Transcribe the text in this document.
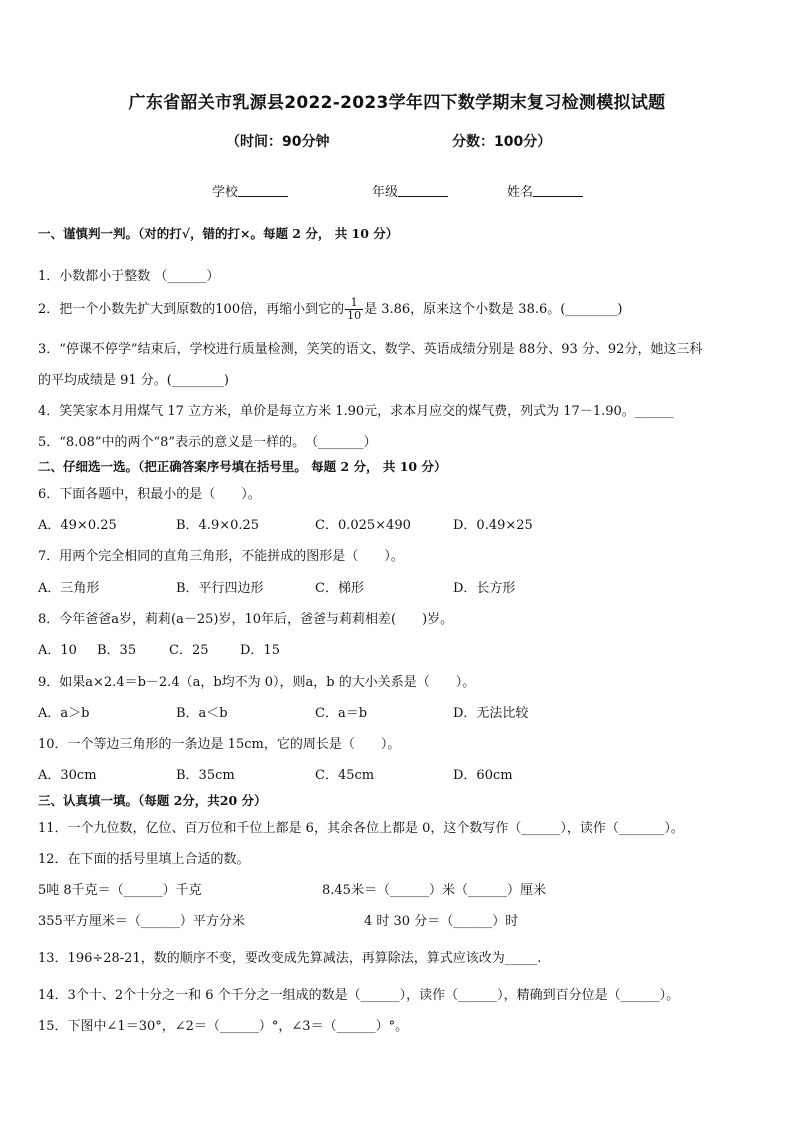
广东省韶关市乳源县2022-2023学年四下数学期末复习检测模拟试题
（时间：90分钟	分数：100分）
学校	年级	姓名
一、谨慎判一判。（对的打√，错的打×。每题 2 分， 共 10 分）
1．小数都小于整数 （______）
2．把一个小数先扩大到原数的100倍，再缩小到它的 $\frac{1}{10}$ 是 3.86，原来这个小数是 38.6。(________)
3．“停课不停学”结束后，学校进行质量检测，笑笑的语文、数学、英语成绩分别是 88分、93 分、92分，她这三科
的平均成绩是 91 分。(________)
4．笑笑家本月用煤气 17 立方米，单价是每立方米 1.90元，求本月应交的煤气费，列式为 17－1.90。______
5．“8.08”中的两个“8”表示的意义是一样的。　（_______）
二、仔细选一选。（把正确答案序号填在括号里。 每题 2 分， 共 10 分）
6．下面各题中，积最小的是（　　）。
A．49×0.25	B．4.9×0.25	C．0.025×490	D．0.49×25
7．用两个完全相同的直角三角形，不能拼成的图形是（　　）。
A．三角形	B．平行四边形	C．梯形	D．长方形
8．今年爸爸a岁，莉莉(a－25)岁，10年后，爸爸与莉莉相差(　　)岁。
A．10 B．35	C．25 D．15
9．如果a×2.4＝b－2.4（a，b均不为 0），则a，b 的大小关系是（　　）。
A．a＞b	B．a＜b	C．a＝b	D．无法比较
10．一个等边三角形的一条边是 15cm，它的周长是（　　）。
A．30cm	B．35cm	C．45cm	D．60cm
三、认真填一填。（每题 2分，共20 分）
11．一个九位数，亿位、百万位和千位上都是 6，其余各位上都是 0，这个数写作（______），读作（_______）。
12．在下面的括号里填上合适的数。
5吨 8千克＝（______）千克	8.45米＝（______）米（______）厘米
355平方厘米＝（______）平方分米	4 时 30 分＝（______）时
13．196÷28-21，数的顺序不变，要改变成先算减法，再算除法，算式应该改为_____.
14．3个十、2个十分之一和 6 个千分之一组成的数是（______），读作（______），精确到百分位是（______）。
15．下图中∠1＝30°，∠2＝（______）°，∠3＝（______）°。
